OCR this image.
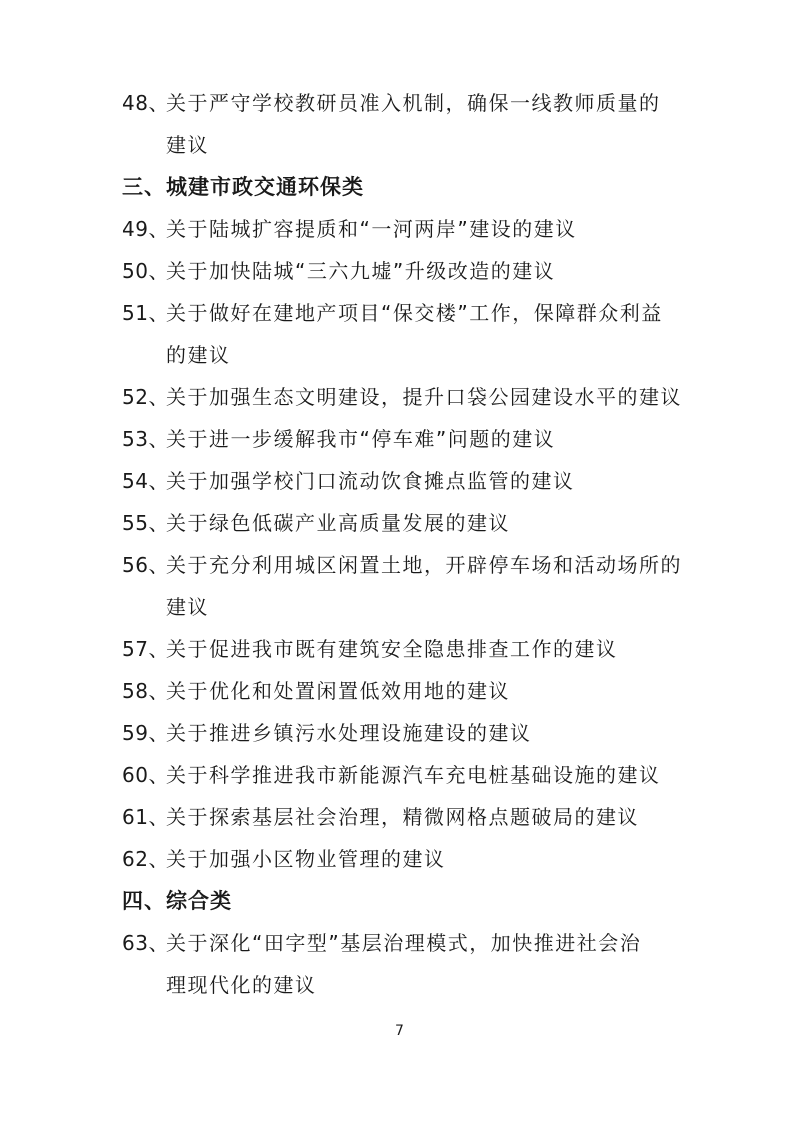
48、
关于严守学校教研员准入机制，确保一线教师质量的
建议
三、城建市政交通环保类
49、
关于陆城扩容提质和“一河两岸”建设的建议
50、
关于加快陆城“三六九墟”升级改造的建议
51、
关于做好在建地产项目“保交楼”工作，保障群众利益
的建议
52、
关于加强生态文明建设，提升口袋公园建设水平的建议
53、
关于进一步缓解我市“停车难”问题的建议
54、
关于加强学校门口流动饮食摊点监管的建议
55、
关于绿色低碳产业高质量发展的建议
56、
关于充分利用城区闲置土地，开辟停车场和活动场所的
建议
57、
关于促进我市既有建筑安全隐患排查工作的建议
58、
关于优化和处置闲置低效用地的建议
59、
关于推进乡镇污水处理设施建设的建议
60、
关于科学推进我市新能源汽车充电桩基础设施的建议
61、
关于探索基层社会治理，精微网格点题破局的建议
62、
关于加强小区物业管理的建议
四、综合类
63、
关于深化“田字型”基层治理模式，加快推进社会治
理现代化的建议
7
